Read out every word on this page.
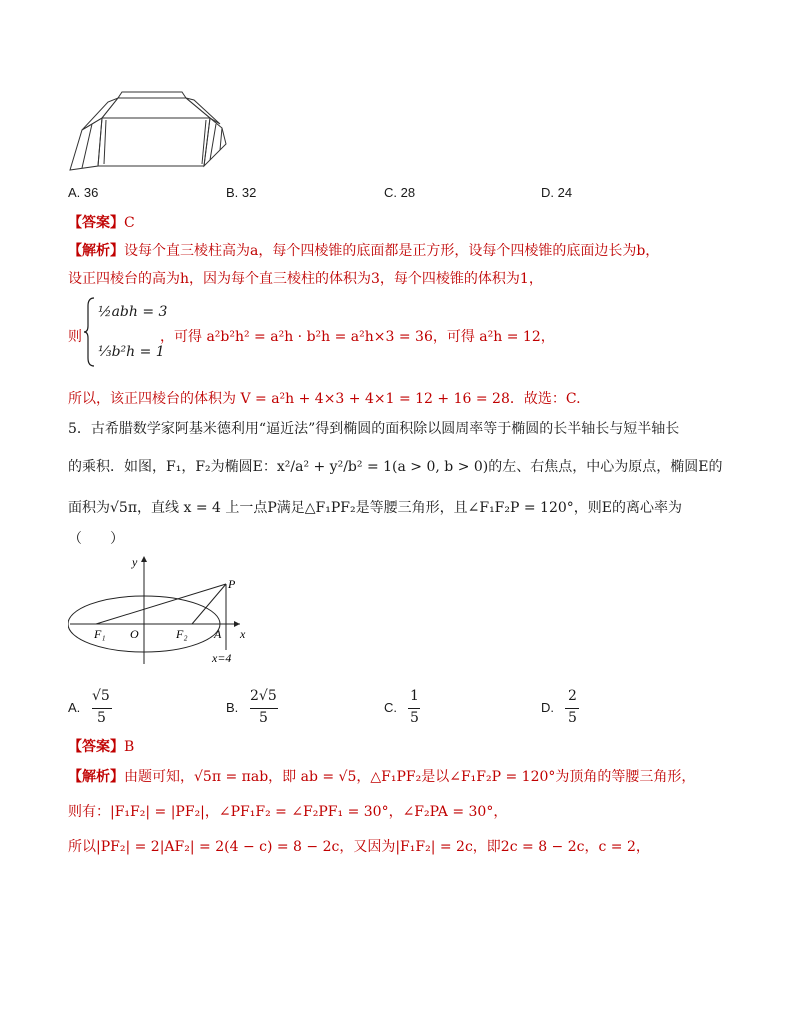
A. 36	B. 32	C. 28	D. 24
【答案】C
【解析】设每个直三棱柱高为a，每个四棱锥的底面都是正方形，设每个四棱锥的底面边长为b，
设正四棱台的高为h，因为每个直三棱柱的体积为3，每个四棱锥的体积为1，
则
½abh = 3
⅓b²h = 1
，可得 a²b²h² = a²h · b²h = a²h×3 = 36，可得 a²h = 12，
所以，该正四棱台的体积为 V = a²h + 4×3 + 4×1 = 12 + 16 = 28．故选：C.
5．古希腊数学家阿基米德利用“逼近法”得到椭圆的面积除以圆周率等于椭圆的长半轴长与短半轴长
的乘积．如图，F₁，F₂为椭圆E：x²/a² + y²/b² = 1(a > 0, b > 0)的左、右焦点，中心为原点，椭圆E的
面积为√5π，直线 x = 4 上一点P满足△F₁PF₂是等腰三角形，且∠F₁F₂P = 120°，则E的离心率为
（　　）
y
P
F₁ O	F₂ A x
x=4
A.
√5
5
B.
2√5
5
C.
1
5
D.
2
5
【答案】B
【解析】由题可知，√5π = πab，即 ab = √5，△F₁PF₂是以∠F₁F₂P = 120°为顶角的等腰三角形，
则有：|F₁F₂| = |PF₂|，∠PF₁F₂ = ∠F₂PF₁ = 30°，∠F₂PA = 30°，
所以|PF₂| = 2|AF₂| = 2(4 − c) = 8 − 2c，又因为|F₁F₂| = 2c，即2c = 8 − 2c，c = 2，
